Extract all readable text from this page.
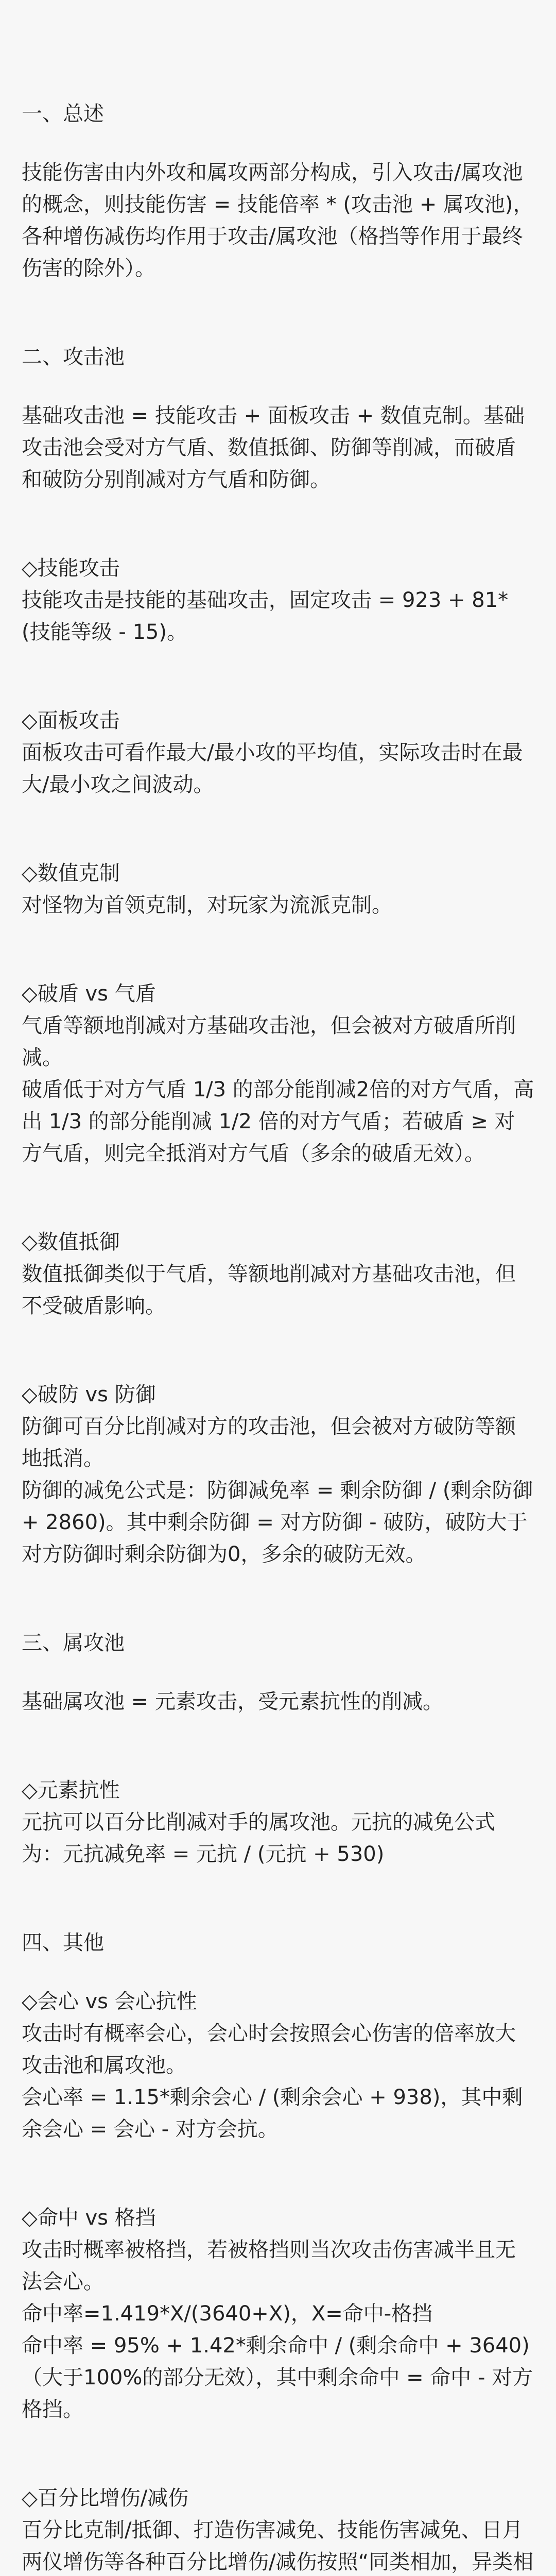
一、总述

技能伤害由内外攻和属攻两部分构成，引入攻击/属攻池的概念，则技能伤害 = 技能倍率 * (攻击池 + 属攻池)，各种增伤减伤均作用于攻击/属攻池（格挡等作用于最终伤害的除外）。

二、攻击池

基础攻击池 = 技能攻击 + 面板攻击 + 数值克制。基础攻击池会受对方气盾、数值抵御、防御等削减，而破盾和破防分别削减对方气盾和防御。

◇技能攻击

技能攻击是技能的基础攻击，固定攻击 = 923 + 81*(技能等级 - 15)。

◇面板攻击

面板攻击可看作最大/最小攻的平均值，实际攻击时在最大/最小攻之间波动。

◇数值克制

对怪物为首领克制，对玩家为流派克制。

◇破盾 vs 气盾

气盾等额地削减对方基础攻击池，但会被对方破盾所削减。

破盾低于对方气盾 1/3 的部分能削减2倍的对方气盾，高出 1/3 的部分能削减 1/2 倍的对方气盾；若破盾 ≥ 对方气盾，则完全抵消对方气盾（多余的破盾无效）。

◇数值抵御

数值抵御类似于气盾，等额地削减对方基础攻击池，但不受破盾影响。

◇破防 vs 防御

防御可百分比削减对方的攻击池，但会被对方破防等额地抵消。

防御的减免公式是：防御减免率 = 剩余防御 / (剩余防御 + 2860)。其中剩余防御 = 对方防御 - 破防，破防大于对方防御时剩余防御为0，多余的破防无效。

三、属攻池

基础属攻池 = 元素攻击，受元素抗性的削减。

◇元素抗性

元抗可以百分比削减对手的属攻池。元抗的减免公式为：元抗减免率 = 元抗 / (元抗 + 530)

四、其他

◇会心 vs 会心抗性

攻击时有概率会心，会心时会按照会心伤害的倍率放大攻击池和属攻池。

会心率 = 1.15*剩余会心 / (剩余会心 + 938)，其中剩余会心 = 会心 - 对方会抗。

◇命中 vs 格挡

攻击时概率被格挡，若被格挡则当次攻击伤害减半且无法会心。

命中率=1.419*X/(3640+X)，X=命中-格挡

命中率 = 95% + 1.42*剩余命中 / (剩余命中 + 3640)（大于100%的部分无效），其中剩余命中 = 命中 - 对方格挡。

◇百分比增伤/减伤

百分比克制/抵御、打造伤害减免、技能伤害减免、日月两仪增伤等各种百分比增伤/减伤按照“同类相加，异类相
